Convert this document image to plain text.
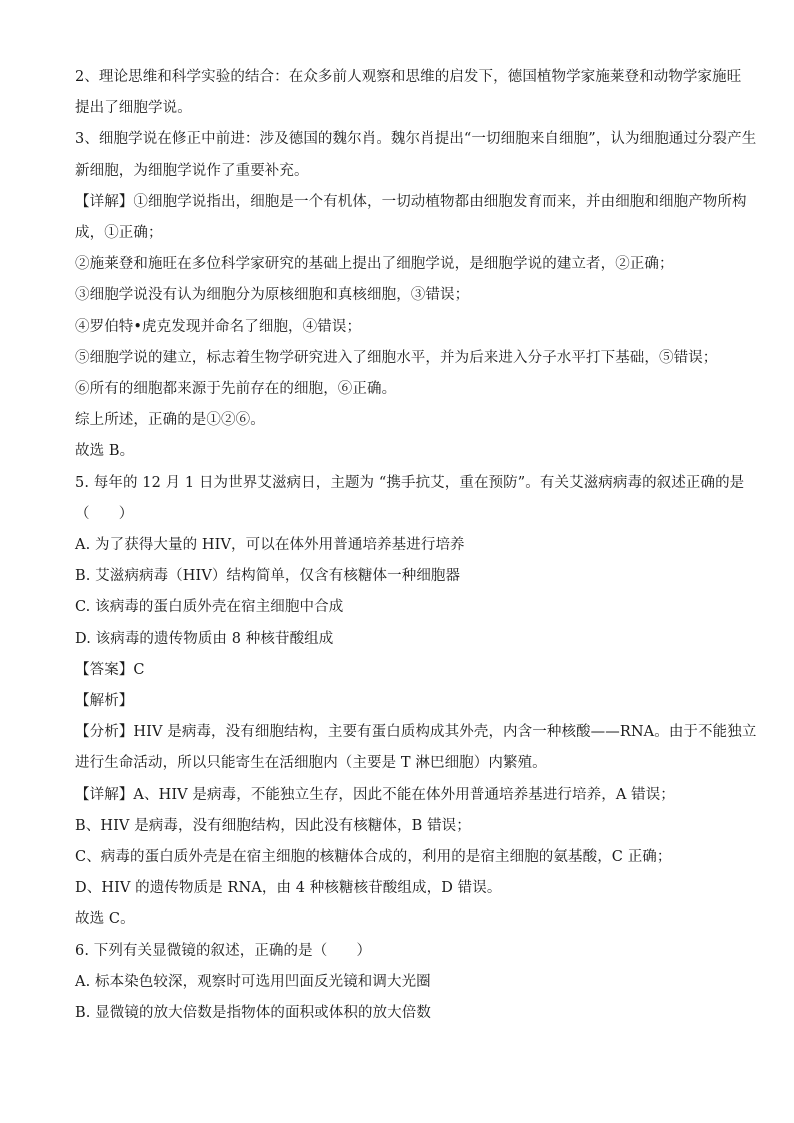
2、理论思维和科学实验的结合：在众多前人观察和思维的启发下，德国植物学家施莱登和动物学家施旺
提出了细胞学说。
3、细胞学说在修正中前进：涉及德国的魏尔肖。魏尔肖提出“一切细胞来自细胞”，认为细胞通过分裂产生
新细胞，为细胞学说作了重要补充。
【详解】①细胞学说指出，细胞是一个有机体，一切动植物都由细胞发育而来，并由细胞和细胞产物所构
成，①正确；
②施莱登和施旺在多位科学家研究的基础上提出了细胞学说，是细胞学说的建立者，②正确；
③细胞学说没有认为细胞分为原核细胞和真核细胞，③错误；
④罗伯特•虎克发现并命名了细胞，④错误；
⑤细胞学说的建立，标志着生物学研究进入了细胞水平，并为后来进入分子水平打下基础，⑤错误；
⑥所有的细胞都来源于先前存在的细胞，⑥正确。
综上所述，正确的是①②⑥。
故选 B。
5. 每年的 12 月 1 日为世界艾滋病日，主题为 “携手抗艾，重在预防”。有关艾滋病病毒的叙述正确的是
（　　）
A. 为了获得大量的 HIV，可以在体外用普通培养基进行培养
B. 艾滋病病毒（HIV）结构简单，仅含有核糖体一种细胞器
C. 该病毒的蛋白质外壳在宿主细胞中合成
D. 该病毒的遗传物质由 8 种核苷酸组成
【答案】C
【解析】
【分析】HIV 是病毒，没有细胞结构，主要有蛋白质构成其外壳，内含一种核酸——RNA。由于不能独立
进行生命活动，所以只能寄生在活细胞内（主要是 T 淋巴细胞）内繁殖。
【详解】A、HIV 是病毒，不能独立生存，因此不能在体外用普通培养基进行培养，A 错误；
B、HIV 是病毒，没有细胞结构，因此没有核糖体，B 错误；
C、病毒的蛋白质外壳是在宿主细胞的核糖体合成的，利用的是宿主细胞的氨基酸，C 正确；
D、HIV 的遗传物质是 RNA，由 4 种核糖核苷酸组成，D 错误。
故选 C。
6. 下列有关显微镜的叙述，正确的是（　　）
A. 标本染色较深，观察时可选用凹面反光镜和调大光圈
B. 显微镜的放大倍数是指物体的面积或体积的放大倍数
